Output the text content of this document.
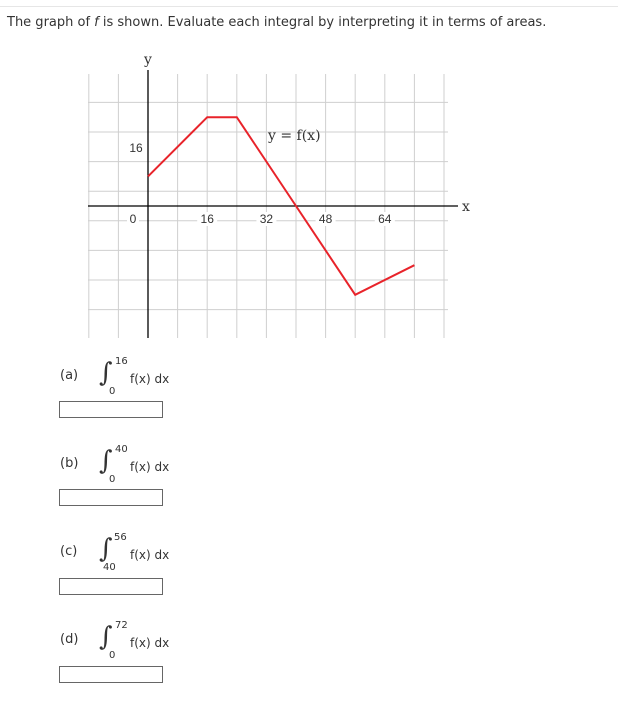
The graph of f is shown. Evaluate each integral by interpreting it in terms of areas.
16
0	16	32	48	64
y
x
y = f(x)
(a) ∫ 16
0
f(x) dx
(b) ∫ 40
0
f(x) dx
(c) ∫ 56
40
f(x) dx
(d) ∫ 72
0
f(x) dx
